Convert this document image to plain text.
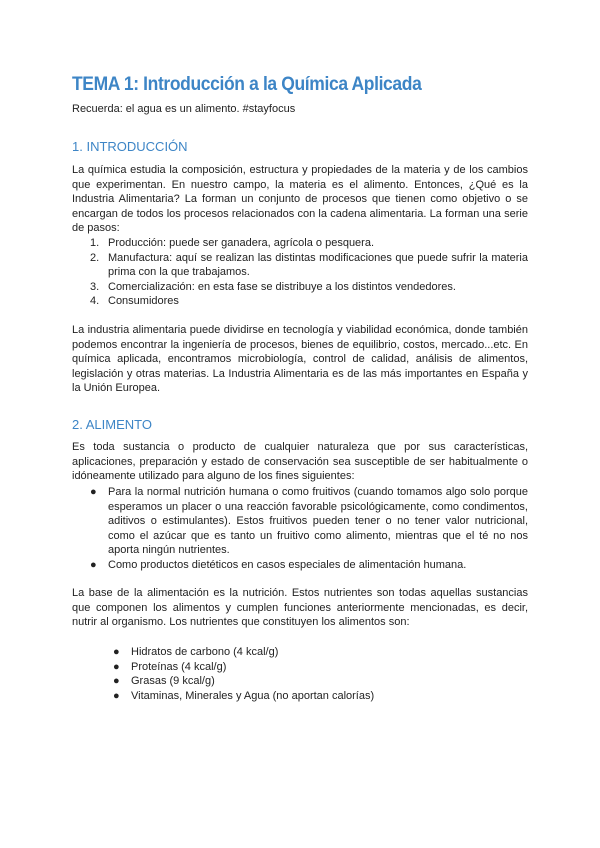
TEMA 1: Introducción a la Química Aplicada
Recuerda: el agua es un alimento. #stayfocus
1. INTRODUCCIÓN

La química estudia la composición, estructura y propiedades de la materia y de los cambios que experimentan. En nuestro campo, la materia es el alimento. Entonces, ¿Qué es la Industria Alimentaria? La forman un conjunto de procesos que tienen como objetivo o se encargan de todos los procesos relacionados con la cadena alimentaria. La forman una serie de pasos:

1. Producción: puede ser ganadera, agrícola o pesquera.
2. Manufactura: aquí se realizan las distintas modificaciones que puede sufrir la materia prima con la que trabajamos.
3. Comercialización: en esta fase se distribuye a los distintos vendedores.
4. Consumidores

La industria alimentaria puede dividirse en tecnología y viabilidad económica, donde también podemos encontrar la ingeniería de procesos, bienes de equilibrio, costos, mercado...etc. En química aplicada, encontramos microbiología, control de calidad, análisis de alimentos, legislación y otras materias. La Industria Alimentaria es de las más importantes en España y la Unión Europea.

2. ALIMENTO

Es toda sustancia o producto de cualquier naturaleza que por sus características, aplicaciones, preparación y estado de conservación sea susceptible de ser habitualmente o idóneamente utilizado para alguno de los fines siguientes:

● Para la normal nutrición humana o como fruitivos (cuando tomamos algo solo porque esperamos un placer o una reacción favorable psicológicamente, como condimentos, aditivos o estimulantes). Estos fruitivos pueden tener o no tener valor nutricional, como el azúcar que es tanto un fruitivo como alimento, mientras que el té no nos aporta ningún nutrientes.
● Como productos dietéticos en casos especiales de alimentación humana.

La base de la alimentación es la nutrición. Estos nutrientes son todas aquellas sustancias que componen los alimentos y cumplen funciones anteriormente mencionadas, es decir, nutrir al organismo. Los nutrientes que constituyen los alimentos son:

● Hidratos de carbono (4 kcal/g)
● Proteínas (4 kcal/g)
● Grasas (9 kcal/g)
● Vitaminas, Minerales y Agua (no aportan calorías)
